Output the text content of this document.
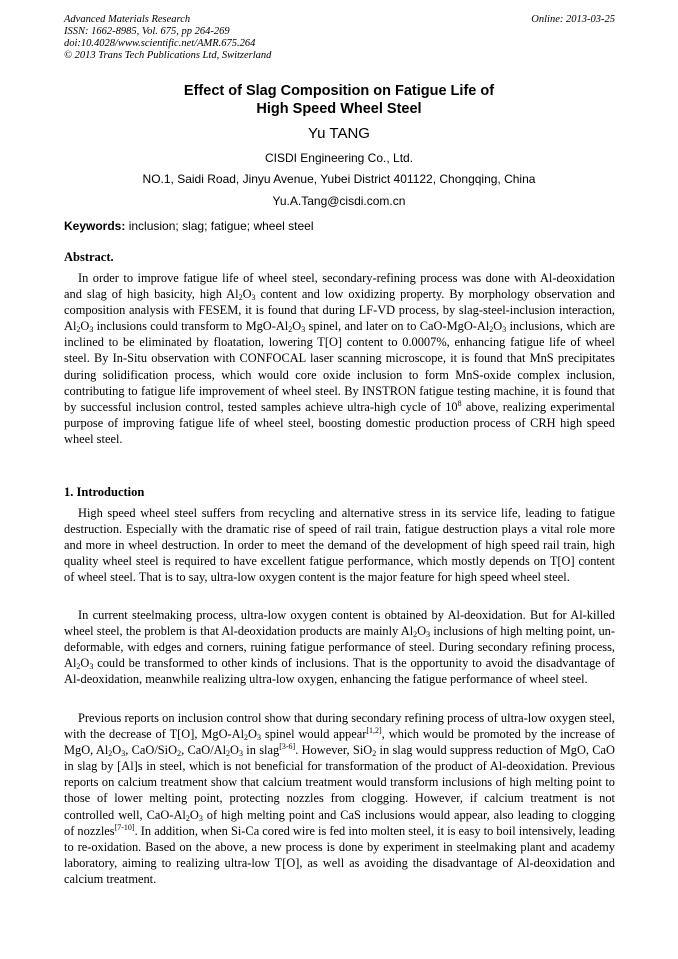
Advanced Materials Research
ISSN: 1662-8985, Vol. 675, pp 264-269
doi:10.4028/www.scientific.net/AMR.675.264
© 2013 Trans Tech Publications Ltd, Switzerland
Online: 2013-03-25
Effect of Slag Composition on Fatigue Life of
High Speed Wheel Steel
Yu TANG
CISDI Engineering Co., Ltd.
NO.1, Saidi Road, Jinyu Avenue, Yubei District 401122, Chongqing, China
Yu.A.Tang@cisdi.com.cn
Keywords: inclusion; slag; fatigue; wheel steel
Abstract.

In order to improve fatigue life of wheel steel, secondary-refining process was done with Al-deoxidation and slag of high basicity, high $Al_2O_3$ content and low oxidizing property. By morphology observation and composition analysis with FESEM, it is found that during LF-VD process, by slag-steel-inclusion interaction, $Al_2O_3$ inclusions could transform to MgO-$Al_2O_3$ spinel, and later on to CaO-$MgO-Al_2O_3$ inclusions, which are inclined to be eliminated by floatation, lowering T[O] content to 0.0007%, enhancing fatigue life of wheel steel. By In-Situ observation with CONFOCAL laser scanning microscope, it is found that MnS precipitates during solidification process, which would core oxide inclusion to form MnS-oxide complex inclusion, contributing to fatigue life improvement of wheel steel. By INSTRON fatigue testing machine, it is found that by successful inclusion control, tested samples achieve ultra-high cycle of $10^8$ above, realizing experimental purpose of improving fatigue life of wheel steel, boosting domestic production process of CRH high speed wheel steel.

1. Introduction

High speed wheel steel suffers from recycling and alternative stress in its service life, leading to fatigue destruction. Especially with the dramatic rise of speed of rail train, fatigue destruction plays a vital role more and more in wheel destruction. In order to meet the demand of the development of high speed rail train, high quality wheel steel is required to have excellent fatigue performance, which mostly depends on T[O] content of wheel steel. That is to say, ultra-low oxygen content is the major feature for high speed wheel steel.

In current steelmaking process, ultra-low oxygen content is obtained by Al-deoxidation. But for Al-killed wheel steel, the problem is that Al-deoxidation products are mainly $Al_2O_3$ inclusions of high melting point, un-deformable, with edges and corners, ruining fatigue performance of steel. During secondary refining process, $Al_2O_3$ could be transformed to other kinds of inclusions. That is the opportunity to avoid the disadvantage of Al-deoxidation, meanwhile realizing ultra-low oxygen, enhancing the fatigue performance of wheel steel.

Previous reports on inclusion control show that during secondary refining process of ultra-low oxygen steel, with the decrease of T[O], MgO-$Al_2O_3$ spinel would appear[1,2], which would be promoted by the increase of MgO, $Al_2O_3$, CaO/SiO$_2$, CaO/$Al_2O_3$ in slag[3-6]. However, SiO$_2$ in slag would suppress reduction of MgO, CaO in slag by [Al]s in steel, which is not beneficial for transformation of the product of Al-deoxidation. Previous reports on calcium treatment show that calcium treatment would transform inclusions of high melting point to those of lower melting point, protecting nozzles from clogging. However, if calcium treatment is not controlled well, CaO-$Al_2O_3$ of high melting point and CaS inclusions would appear, also leading to clogging of nozzles[7-10]. In addition, when Si-Ca cored wire is fed into molten steel, it is easy to boil intensively, leading to re-oxidation. Based on the above, a new process is done by experiment in steelmaking plant and academy laboratory, aiming to realizing ultra-low T[O], as well as avoiding the disadvantage of Al-deoxidation and calcium treatment.
